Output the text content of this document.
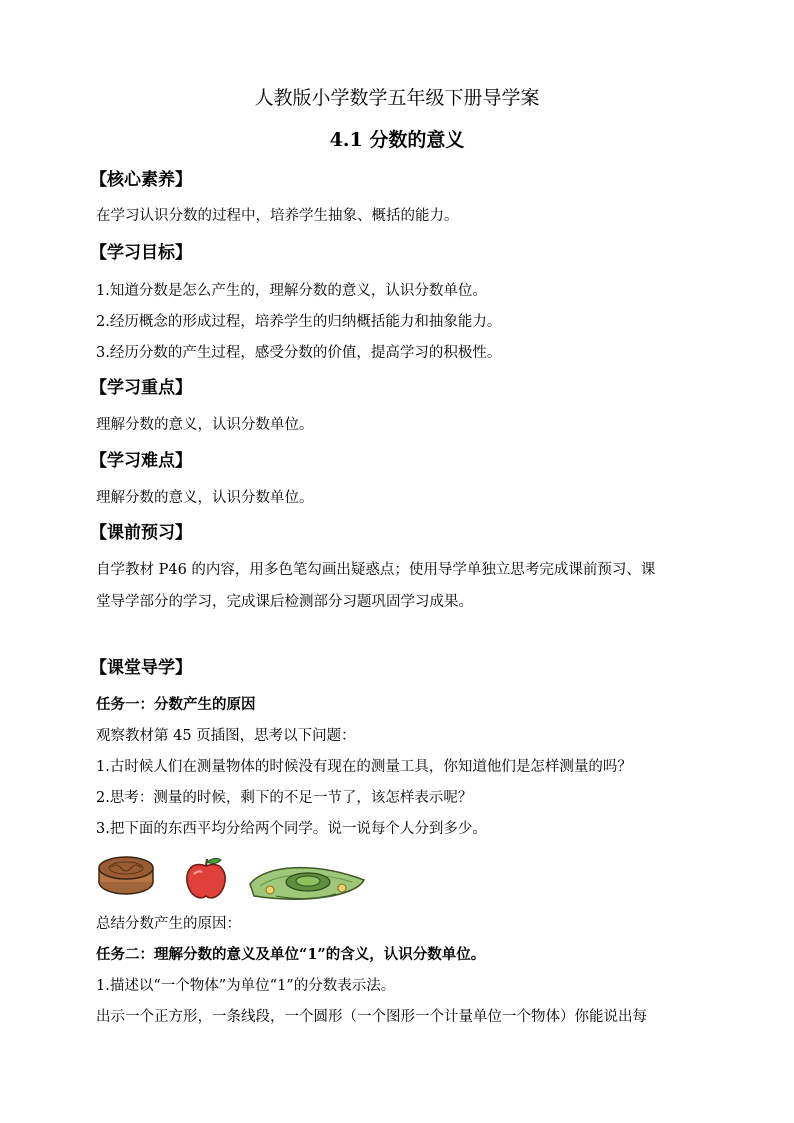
人教版小学数学五年级下册导学案
4.1 分数的意义
【核心素养】
在学习认识分数的过程中，培养学生抽象、概括的能力。
【学习目标】
1.知道分数是怎么产生的，理解分数的意义，认识分数单位。
2.经历概念的形成过程，培养学生的归纳概括能力和抽象能力。
3.经历分数的产生过程，感受分数的价值，提高学习的积极性。
【学习重点】
理解分数的意义，认识分数单位。
【学习难点】
理解分数的意义，认识分数单位。
【课前预习】
自学教材 P46 的内容，用多色笔勾画出疑惑点；使用导学单独立思考完成课前预习、课
堂导学部分的学习，完成课后检测部分习题巩固学习成果。
【课堂导学】
任务一：分数产生的原因
观察教材第 45 页插图，思考以下问题：
1.古时候人们在测量物体的时候没有现在的测量工具，你知道他们是怎样测量的吗？
2.思考：测量的时候，剩下的不足一节了，该怎样表示呢？
3.把下面的东西平均分给两个同学。说一说每个人分到多少。
总结分数产生的原因：
任务二：理解分数的意义及单位“1”的含义，认识分数单位。
1.描述以“一个物体”为单位“1”的分数表示法。
出示一个正方形，一条线段，一个圆形（一个图形一个计量单位一个物体）你能说出每
